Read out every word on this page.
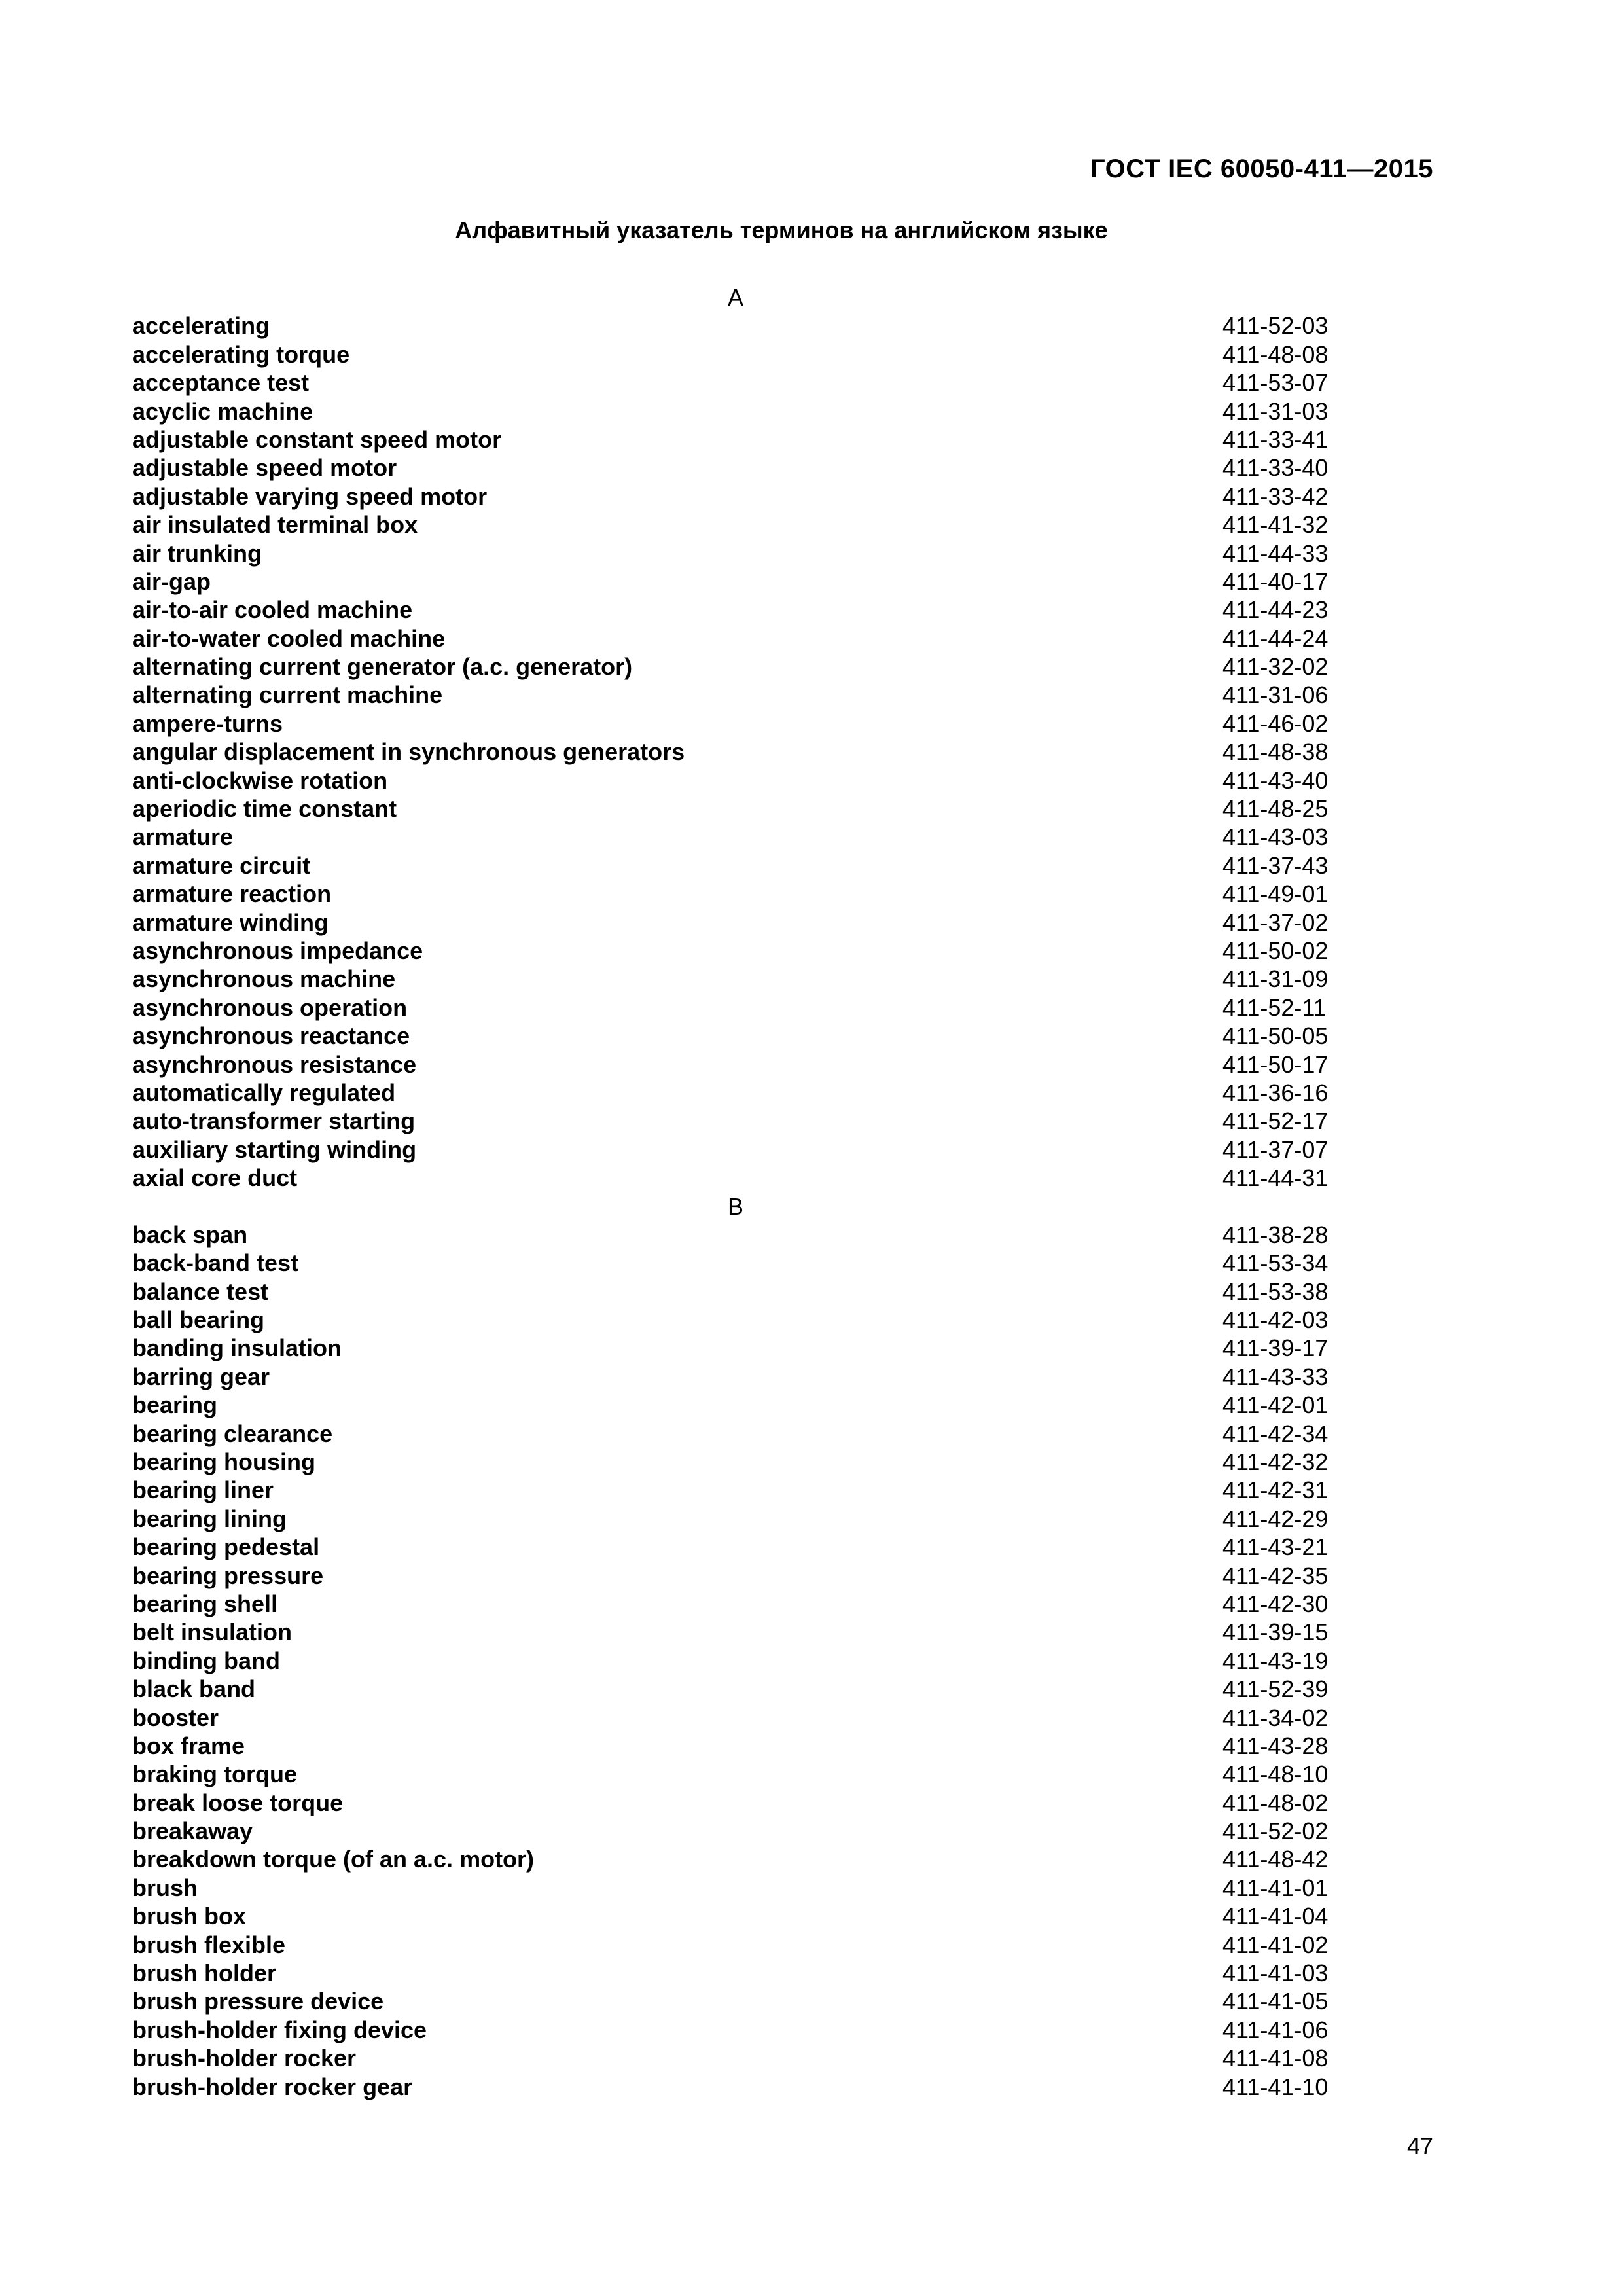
ГОСТ IEC 60050-411—2015
Алфавитный указатель терминов на английском языке
A
accelerating	411-52-03
accelerating torque	411-48-08
acceptance test	411-53-07
acyclic machine	411-31-03
adjustable constant speed motor	411-33-41
adjustable speed motor	411-33-40
adjustable varying speed motor	411-33-42
air insulated terminal box	411-41-32
air trunking	411-44-33
air-gap	411-40-17
air-to-air cooled machine	411-44-23
air-to-water cooled machine	411-44-24
alternating current generator (a.c. generator)	411-32-02
alternating current machine	411-31-06
ampere-turns	411-46-02
angular displacement in synchronous generators	411-48-38
anti-clockwise rotation	411-43-40
aperiodic time constant	411-48-25
armature	411-43-03
armature circuit	411-37-43
armature reaction	411-49-01
armature winding	411-37-02
asynchronous impedance	411-50-02
asynchronous machine	411-31-09
asynchronous operation	411-52-11
asynchronous reactance	411-50-05
asynchronous resistance	411-50-17
automatically regulated	411-36-16
auto-transformer starting	411-52-17
auxiliary starting winding	411-37-07
axial core duct	411-44-31
B
back span	411-38-28
back-band test	411-53-34
balance test	411-53-38
ball bearing	411-42-03
banding insulation	411-39-17
barring gear	411-43-33
bearing	411-42-01
bearing clearance	411-42-34
bearing housing	411-42-32
bearing liner	411-42-31
bearing lining	411-42-29
bearing pedestal	411-43-21
bearing pressure	411-42-35
bearing shell	411-42-30
belt insulation	411-39-15
binding band	411-43-19
black band	411-52-39
booster	411-34-02
box frame	411-43-28
braking torque	411-48-10
break loose torque	411-48-02
breakaway	411-52-02
breakdown torque (of an a.c. motor)	411-48-42
brush	411-41-01
brush box	411-41-04
brush flexible	411-41-02
brush holder	411-41-03
brush pressure device	411-41-05
brush-holder fixing device	411-41-06
brush-holder rocker	411-41-08
brush-holder rocker gear	411-41-10
47
